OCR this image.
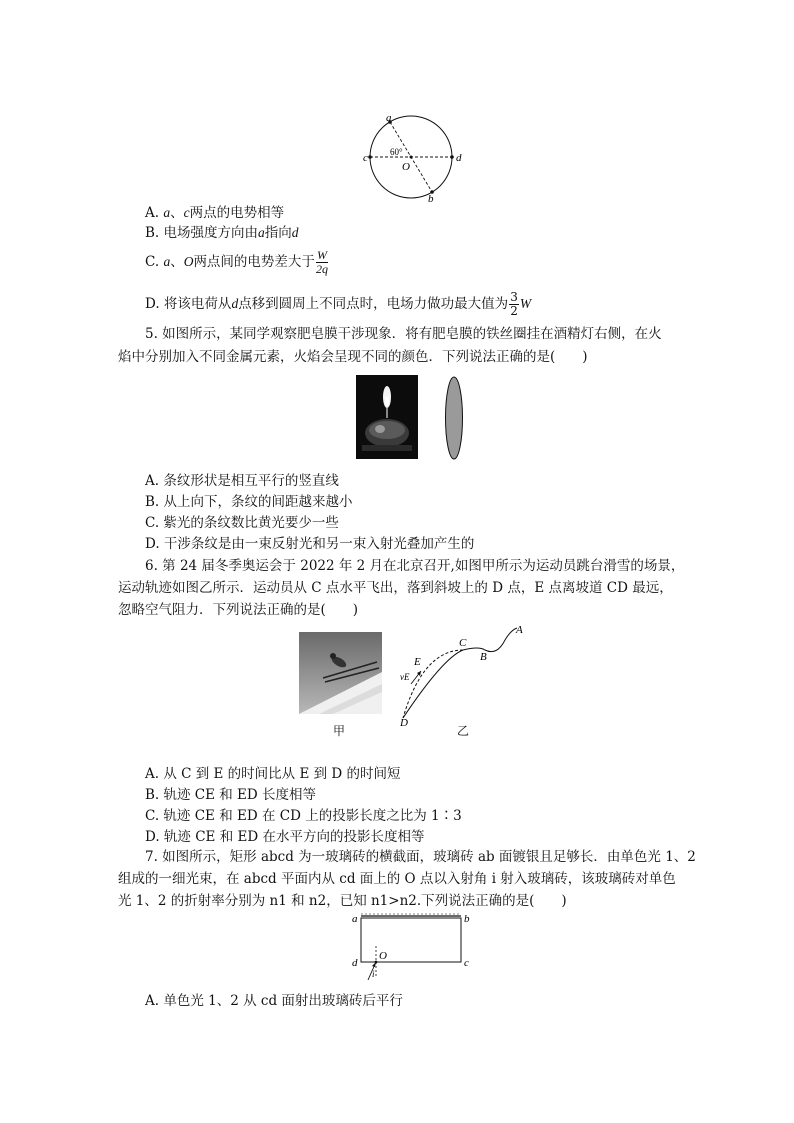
a
b
c	d
O
60°
A. a、c两点的电势相等
B. 电场强度方向由a指向d
C. a、O两点间的电势差大于 $\frac{W}{2q}$
D. 将该电荷从d点移到圆周上不同点时，电场力做功最大值为 $\frac{3}{2}$ W
5. 如图所示，某同学观察肥皂膜干涉现象．将有肥皂膜的铁丝圈挂在酒精灯右侧，在火
焰中分别加入不同金属元素，火焰会呈现不同的颜色．下列说法正确的是(　　)
A. 条纹形状是相互平行的竖直线
B. 从上向下，条纹的间距越来越小
C. 紫光的条纹数比黄光要少一些
D. 干涉条纹是由一束反射光和另一束入射光叠加产生的
6. 第 24 届冬季奥运会于 2022 年 2 月在北京召开,如图甲所示为运动员跳台滑雪的场景，
运动轨迹如图乙所示．运动员从 C 点水平飞出，落到斜坡上的 D 点，E 点离坡道 CD 最远，
忽略空气阻力．下列说法正确的是(　　)
甲
A
B
C
D
E
vE
乙
A. 从 C 到 E 的时间比从 E 到 D 的时间短
B. 轨迹 CE 和 ED 长度相等
C. 轨迹 CE 和 ED 在 CD 上的投影长度之比为 1∶3
D. 轨迹 CE 和 ED 在水平方向的投影长度相等
7. 如图所示，矩形 abcd 为一玻璃砖的横截面，玻璃砖 ab 面镀银且足够长．由单色光 1、2
组成的一细光束，在 abcd 平面内从 cd 面上的 O 点以入射角 i 射入玻璃砖，该玻璃砖对单色
光 1、2 的折射率分别为 n1 和 n2，已知 n1>n2.下列说法正确的是(　　)
a	b
c
d
O
i
A. 单色光 1、2 从 cd 面射出玻璃砖后平行
